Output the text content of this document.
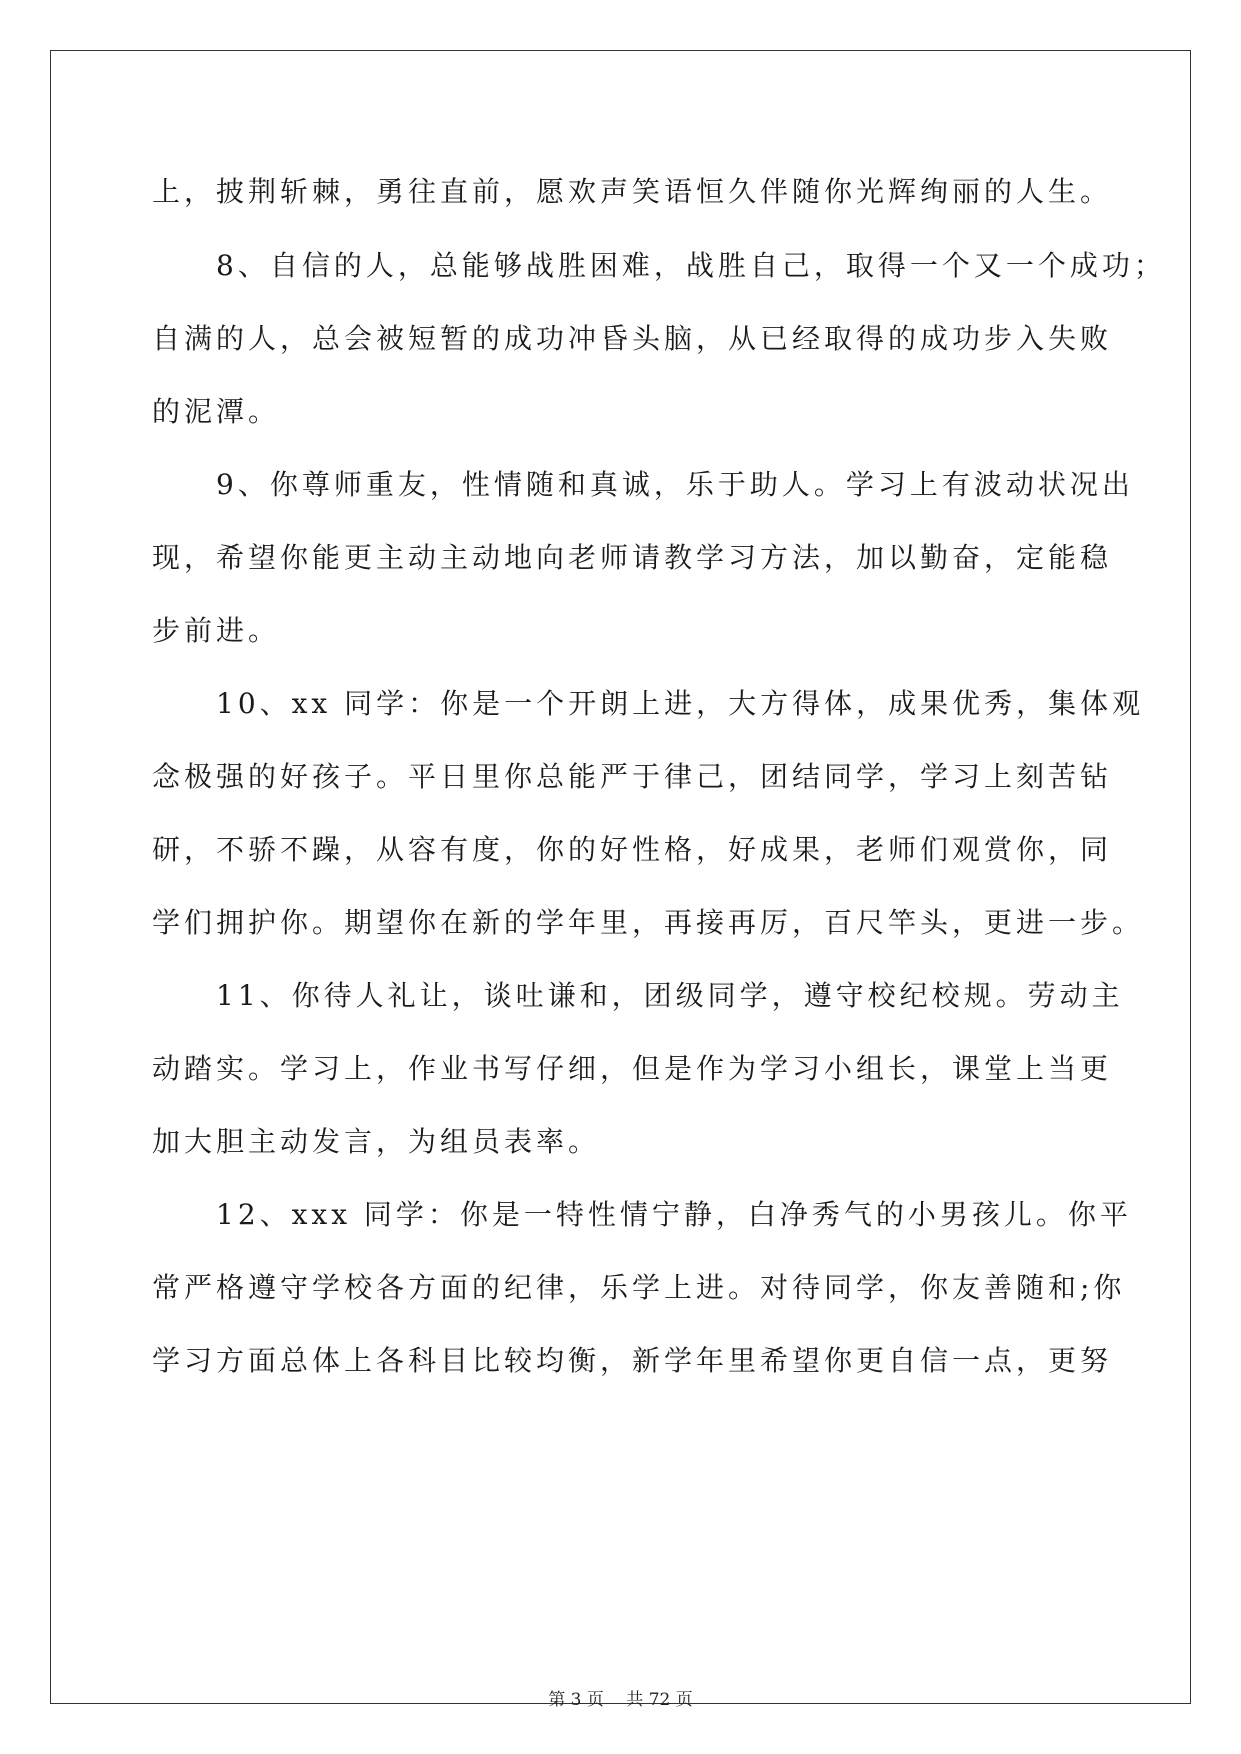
上，披荆斩棘，勇往直前，愿欢声笑语恒久伴随你光辉绚丽的人生。
　　8、自信的人，总能够战胜困难，战胜自己，取得一个又一个成功；
自满的人，总会被短暂的成功冲昏头脑，从已经取得的成功步入失败
的泥潭。
　　9、你尊师重友，性情随和真诚，乐于助人。学习上有波动状况出
现，希望你能更主动主动地向老师请教学习方法，加以勤奋，定能稳
步前进。
　　10、xx 同学：你是一个开朗上进，大方得体，成果优秀，集体观
念极强的好孩子。平日里你总能严于律己，团结同学，学习上刻苦钻
研，不骄不躁，从容有度，你的好性格，好成果，老师们观赏你，同
学们拥护你。期望你在新的学年里，再接再厉，百尺竿头，更进一步。
　　11、你待人礼让，谈吐谦和，团级同学，遵守校纪校规。劳动主
动踏实。学习上，作业书写仔细，但是作为学习小组长，课堂上当更
加大胆主动发言，为组员表率。
　　12、xxx 同学：你是一特性情宁静，白净秀气的小男孩儿。你平
常严格遵守学校各方面的纪律，乐学上进。对待同学，你友善随和;你
学习方面总体上各科目比较均衡，新学年里希望你更自信一点，更努
第 3 页　 共 72 页
